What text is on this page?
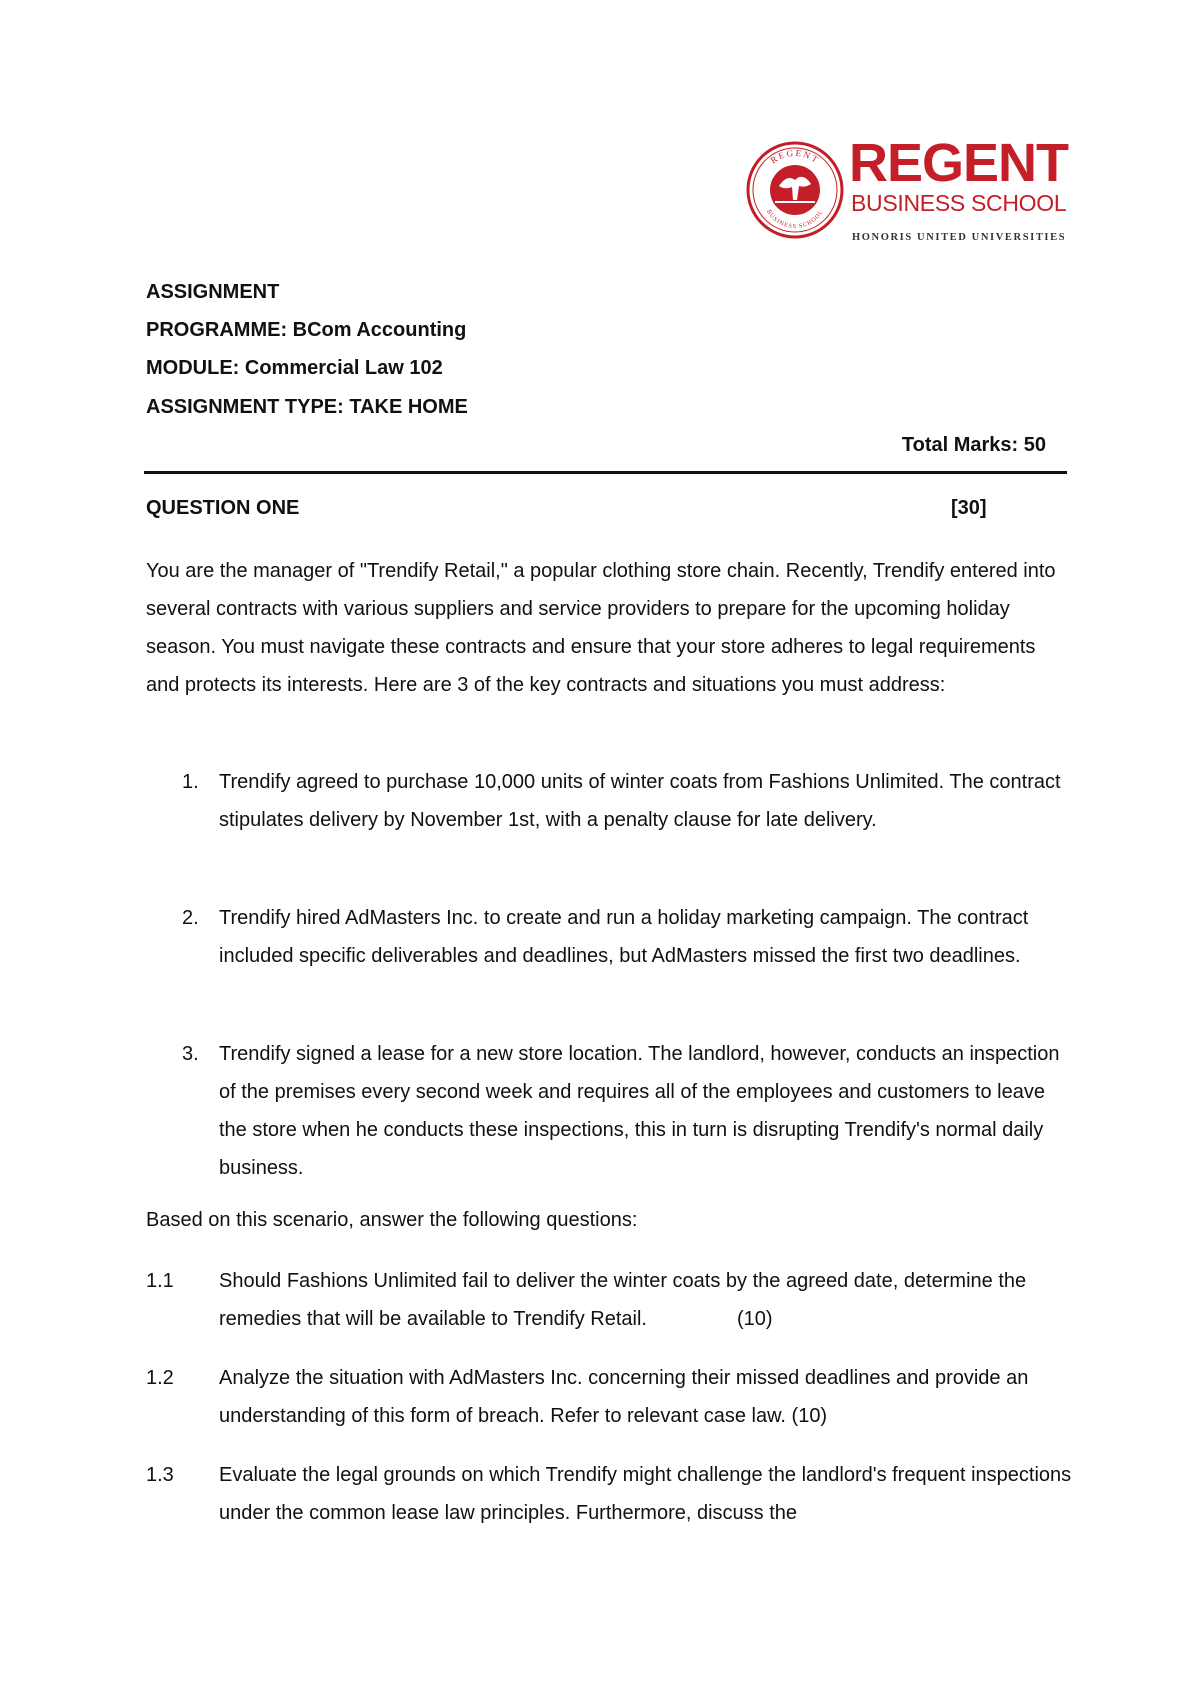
REGENT
BUSINESS SCHOOL
REGENT
BUSINESS SCHOOL
HONORIS UNITED UNIVERSITIES
ASSIGNMENT
PROGRAMME: BCom Accounting
MODULE: Commercial Law 102
ASSIGNMENT TYPE: TAKE HOME
Total Marks: 50
QUESTION ONE	[30]
You are the manager of "Trendify Retail," a popular clothing store chain. Recently, Trendify entered into several contracts with various suppliers and service providers to prepare for the upcoming holiday season. You must navigate these contracts and ensure that your store adheres to legal requirements and protects its interests. Here are 3 of the key contracts and situations you must address:
1. Trendify agreed to purchase 10,000 units of winter coats from Fashions Unlimited. The contract stipulates delivery by November 1st, with a penalty clause for late delivery.
2. Trendify hired AdMasters Inc. to create and run a holiday marketing campaign. The contract included specific deliverables and deadlines, but AdMasters missed the first two deadlines.
3. Trendify signed a lease for a new store location. The landlord, however, conducts an inspection of the premises every second week and requires all of the employees and customers to leave the store when he conducts these inspections, this in turn is disrupting Trendify's normal daily business.
Based on this scenario, answer the following questions:
1.1 Should Fashions Unlimited fail to deliver the winter coats by the agreed date, determine the remedies that will be available to Trendify Retail.	(10)
1.2 Analyze the situation with AdMasters Inc. concerning their missed deadlines and provide an understanding of this form of breach. Refer to relevant case law. (10)
1.3 Evaluate the legal grounds on which Trendify might challenge the landlord's frequent inspections under the common lease law principles. Furthermore, discuss the
